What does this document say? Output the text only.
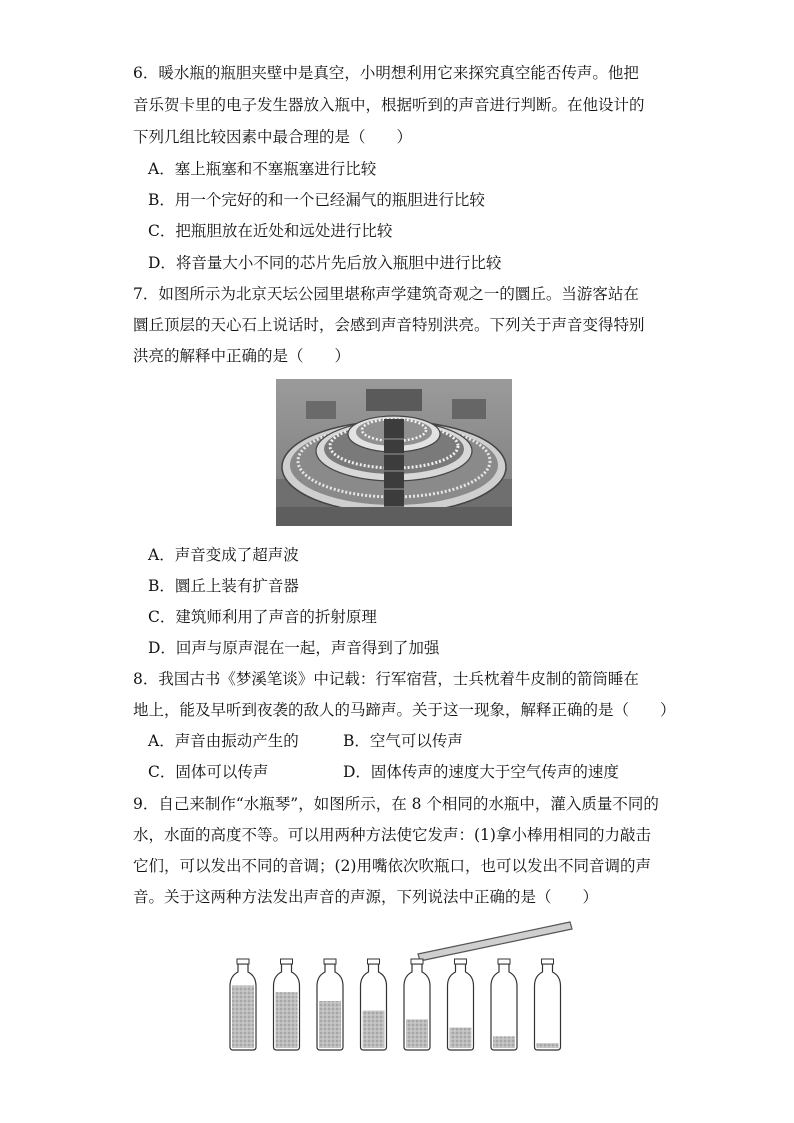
6．暖水瓶的瓶胆夹壁中是真空，小明想利用它来探究真空能否传声。他把
音乐贺卡里的电子发生器放入瓶中，根据听到的声音进行判断。在他设计的
下列几组比较因素中最合理的是（　　）
A．塞上瓶塞和不塞瓶塞进行比较
B．用一个完好的和一个已经漏气的瓶胆进行比较
C．把瓶胆放在近处和远处进行比较
D．将音量大小不同的芯片先后放入瓶胆中进行比较
7．如图所示为北京天坛公园里堪称声学建筑奇观之一的圜丘。当游客站在
圜丘顶层的天心石上说话时，会感到声音特别洪亮。下列关于声音变得特别
洪亮的解释中正确的是（　　）
A．声音变成了超声波
B．圜丘上装有扩音器
C．建筑师利用了声音的折射原理
D．回声与原声混在一起，声音得到了加强
8．我国古书《梦溪笔谈》中记载：行军宿营，士兵枕着牛皮制的箭筒睡在
地上，能及早听到夜袭的敌人的马蹄声。关于这一现象，解释正确的是（　　）
A．声音由振动产生的	B．空气可以传声
C．固体可以传声	D．固体传声的速度大于空气传声的速度
9．自己来制作“水瓶琴”，如图所示，在 8 个相同的水瓶中，灌入质量不同的
水，水面的高度不等。可以用两种方法使它发声：(1)拿小棒用相同的力敲击
它们，可以发出不同的音调；(2)用嘴依次吹瓶口，也可以发出不同音调的声
音。关于这两种方法发出声音的声源，下列说法中正确的是（　　）
